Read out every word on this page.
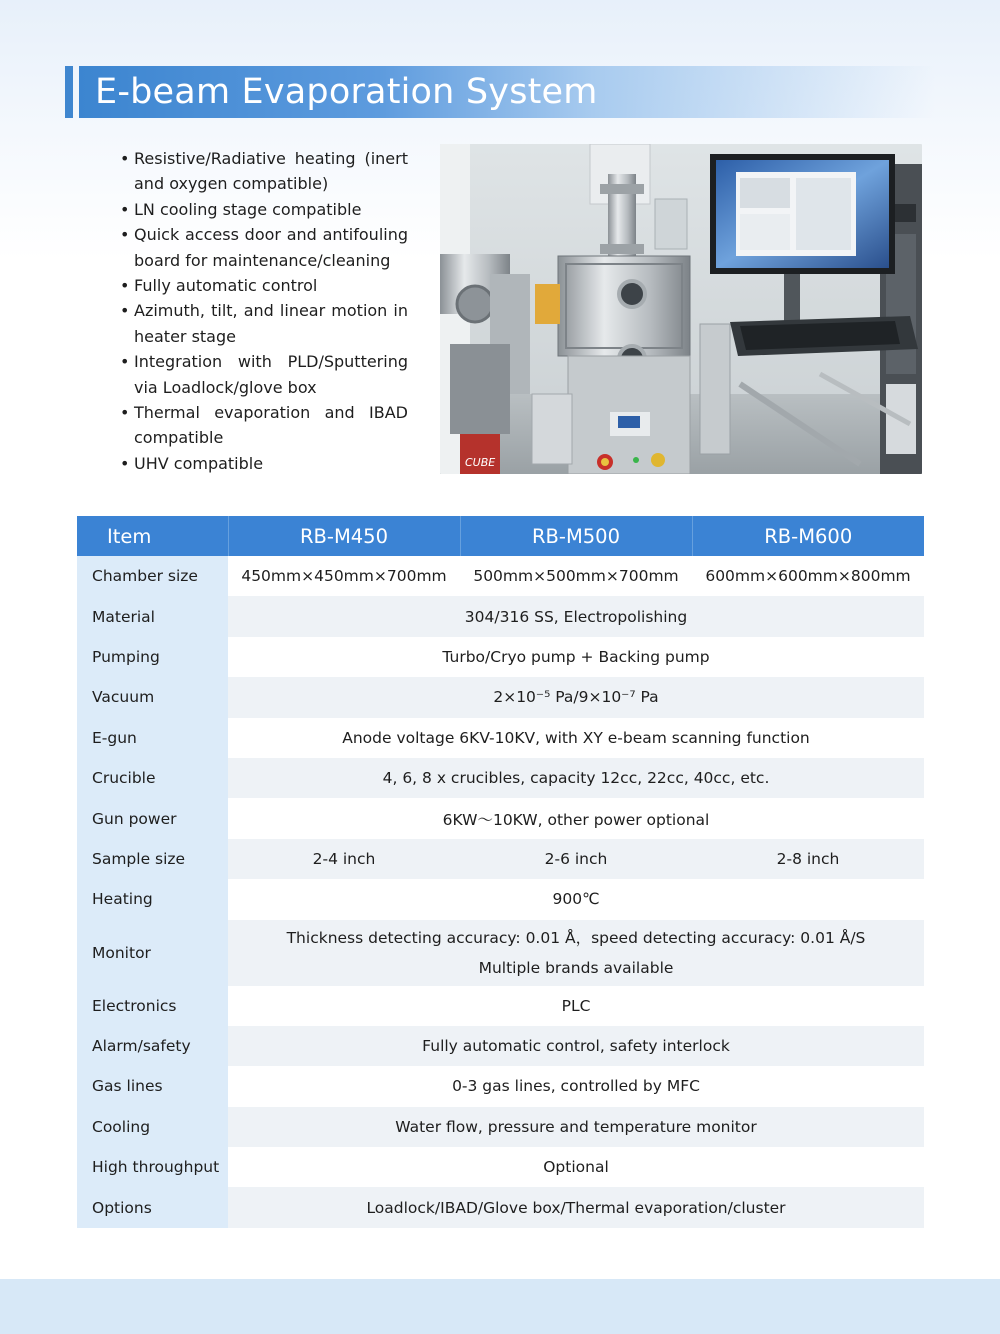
E-beam Evaporation System
• Resistive/Radiative heating (inert and oxygen compatible)
• LN cooling stage compatible
• Quick access door and antifouling board for maintenance/cleaning
• Fully automatic control
• Azimuth, tilt, and linear motion in heater stage
• Integration with PLD/Sputtering via Loadlock/glove box
• Thermal evaporation and IBAD compatible
• UHV compatible	CUBE
Item	RB-M450	RB-M500	RB-M600
Chamber size	450mm×450mm×700mm	500mm×500mm×700mm	600mm×600mm×800mm
Material	304/316 SS, Electropolishing		
Pumping	Turbo/Cryo pump + Backing pump		
Vacuum	2×10⁻⁵ Pa/9×10⁻⁷ Pa		
E-gun	Anode voltage 6KV-10KV, with XY e-beam scanning function		
Crucible	4, 6, 8 x crucibles, capacity 12cc, 22cc, 40cc, etc.		
Gun power	6KW～10KW, other power optional		
Sample size	2-4 inch	2-6 inch	2-8 inch
Heating	900℃		
Monitor	Thickness detecting accuracy: 0.01 Å，speed detecting accuracy: 0.01 Å/S
Multiple brands available		

Electronics	PLC		
Alarm/safety	Fully automatic control, safety interlock		
Gas lines	0-3 gas lines, controlled by MFC		
Cooling	Water flow, pressure and temperature monitor		
High throughput	Optional		
Options	Loadlock/IBAD/Glove box/Thermal evaporation/cluster		
